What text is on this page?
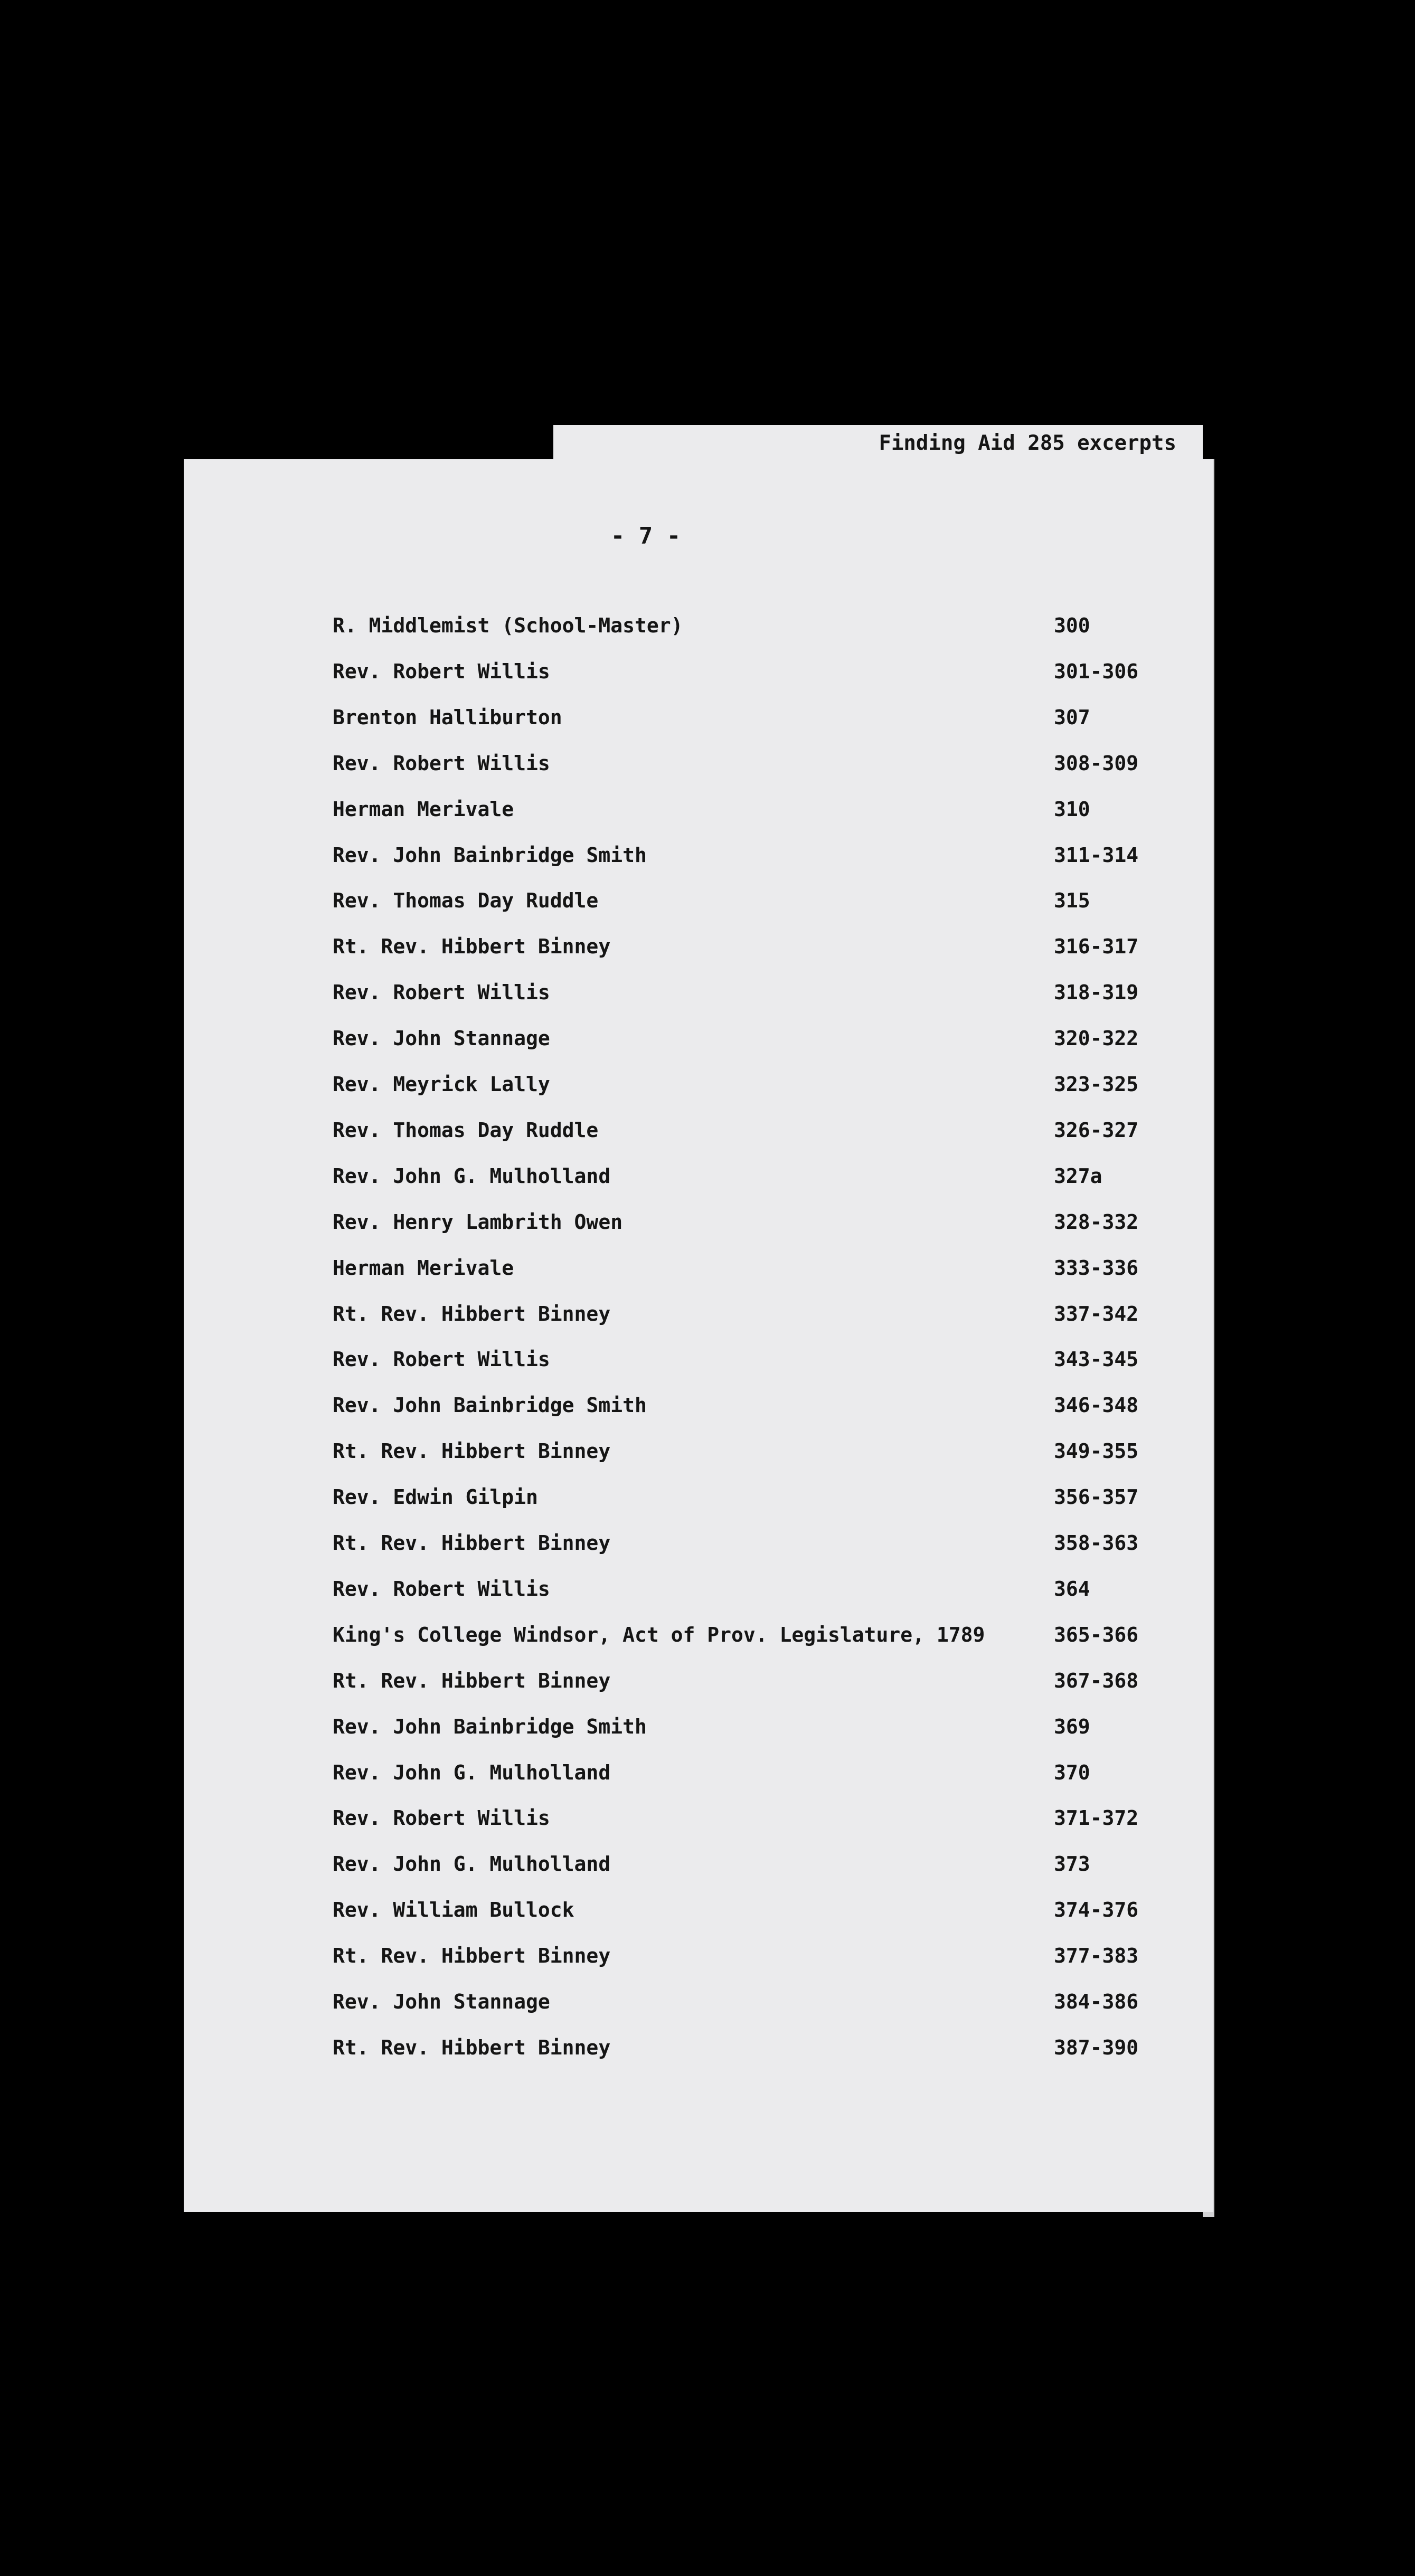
- 7 -
R. Middlemist (School-Master)	300
Rev. Robert Willis	301-306
Brenton Halliburton	307
Rev. Robert Willis	308-309
Herman Merivale	310
Rev. John Bainbridge Smith	311-314
Rev. Thomas Day Ruddle	315
Rt. Rev. Hibbert Binney	316-317
Rev. Robert Willis	318-319
Rev. John Stannage	320-322
Rev. Meyrick Lally	323-325
Rev. Thomas Day Ruddle	326-327
Rev. John G. Mulholland	327a
Rev. Henry Lambrith Owen	328-332
Herman Merivale	333-336
Rt. Rev. Hibbert Binney	337-342
Rev. Robert Willis	343-345
Rev. John Bainbridge Smith	346-348
Rt. Rev. Hibbert Binney	349-355
Rev. Edwin Gilpin	356-357
Rt. Rev. Hibbert Binney	358-363
Rev. Robert Willis	364
King's College Windsor, Act of Prov. Legislature, 1789	365-366
Rt. Rev. Hibbert Binney	367-368
Rev. John Bainbridge Smith	369
Rev. John G. Mulholland	370
Rev. Robert Willis	371-372
Rev. John G. Mulholland	373
Rev. William Bullock	374-376
Rt. Rev. Hibbert Binney	377-383
Rev. John Stannage	384-386
Rt. Rev. Hibbert Binney	387-390
Finding Aid 285 excerpts
